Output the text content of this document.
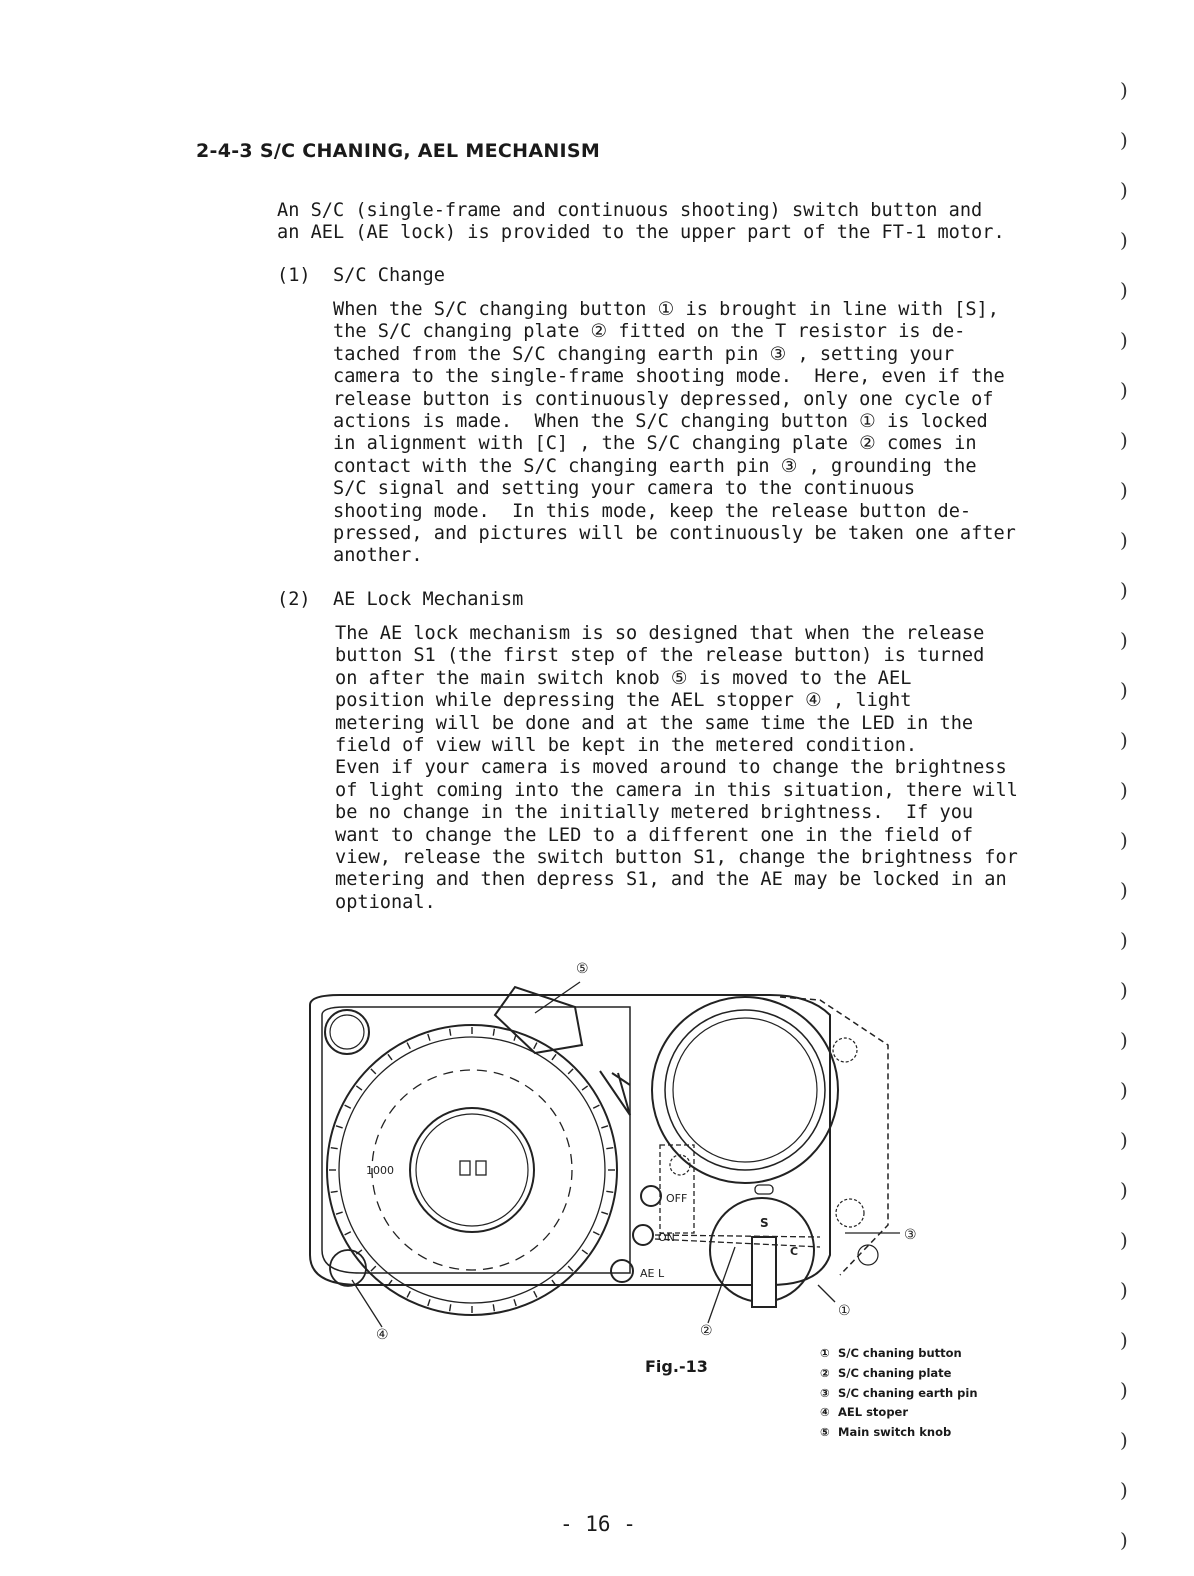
2-4-3 S/C CHANING, AEL MECHANISM
An S/C (single-frame and continuous shooting) switch button and
an AEL (AE lock) is provided to the upper part of the FT-1 motor.
(1)  S/C Change
When the S/C changing button ① is brought in line with [S],
the S/C changing plate ② fitted on the T resistor is de-
tached from the S/C changing earth pin ③ , setting your
camera to the single-frame shooting mode.  Here, even if the
release button is continuously depressed, only one cycle of
actions is made.  When the S/C changing button ① is locked
in alignment with [C] , the S/C changing plate ② comes in
contact with the S/C changing earth pin ③ , grounding the
S/C signal and setting your camera to the continuous
shooting mode.  In this mode, keep the release button de-
pressed, and pictures will be continuously be taken one after
another.
(2)  AE Lock Mechanism
The AE lock mechanism is so designed that when the release
button S1 (the first step of the release button) is turned
on after the main switch knob ⑤ is moved to the AEL
position while depressing the AEL stopper ④ , light
metering will be done and at the same time the LED in the
field of view will be kept in the metered condition.
Even if your camera is moved around to change the brightness
of light coming into the camera in this situation, there will
be no change in the initially metered brightness.  If you
want to change the LED to a different one in the field of
view, release the switch button S1, change the brightness for
metering and then depress S1, and the AE may be locked in an
optional.
OFF
ON
AE L
S
C
1000
⑤
③
①
②
④
Fig.-13
① S/C chaning button
② S/C chaning plate
③ S/C chaning earth pin
④ AEL stoper
⑤ Main switch knob
- 16 -
)
)
)
)
)
)
)
)
)
)
)
)
)
)
)
)
)
)
)
)
)
)
)
)
)
)
)
)
)
)
